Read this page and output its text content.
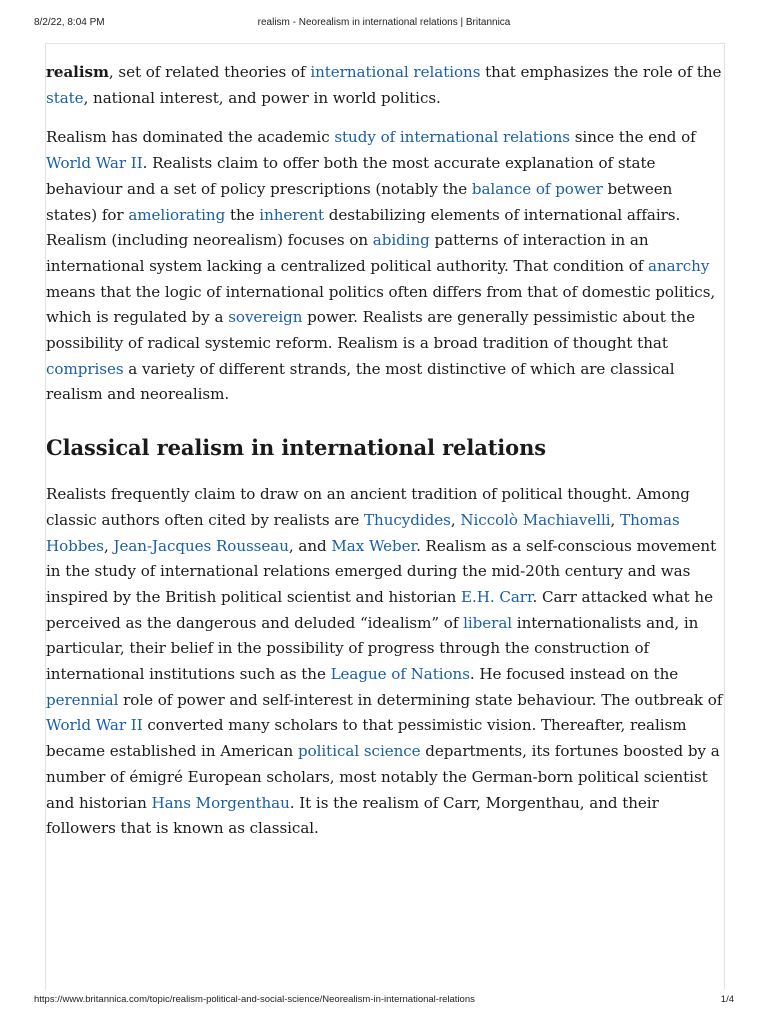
8/2/22, 8:04 PM	realism - Neorealism in international relations | Britannica

realism, set of related theories of international relations that emphasizes the role of the state, national interest, and power in world politics.

Realism has dominated the academic study of international relations since the end of World War II. Realists claim to offer both the most accurate explanation of state behaviour and a set of policy prescriptions (notably the balance of power between states) for ameliorating the inherent destabilizing elements of international affairs. Realism (including neorealism) focuses on abiding patterns of interaction in an international system lacking a centralized political authority. That condition of anarchy means that the logic of international politics often differs from that of domestic politics, which is regulated by a sovereign power. Realists are generally pessimistic about the possibility of radical systemic reform. Realism is a broad tradition of thought that comprises a variety of different strands, the most distinctive of which are classical realism and neorealism.

Classical realism in international relations

Realists frequently claim to draw on an ancient tradition of political thought. Among classic authors often cited by realists are Thucydides, Niccolò Machiavelli, Thomas Hobbes, Jean-Jacques Rousseau, and Max Weber. Realism as a self-conscious movement in the study of international relations emerged during the mid-20th century and was inspired by the British political scientist and historian E.H. Carr. Carr attacked what he perceived as the dangerous and deluded “idealism” of liberal internationalists and, in particular, their belief in the possibility of progress through the construction of international institutions such as the League of Nations. He focused instead on the perennial role of power and self-interest in determining state behaviour. The outbreak of World War II converted many scholars to that pessimistic vision. Thereafter, realism became established in American political science departments, its fortunes boosted by a number of émigré European scholars, most notably the German-born political scientist and historian Hans Morgenthau. It is the realism of Carr, Morgenthau, and their followers that is known as classical.

https://www.britannica.com/topic/realism-political-and-social-science/Neorealism-in-international-relations	1/4
